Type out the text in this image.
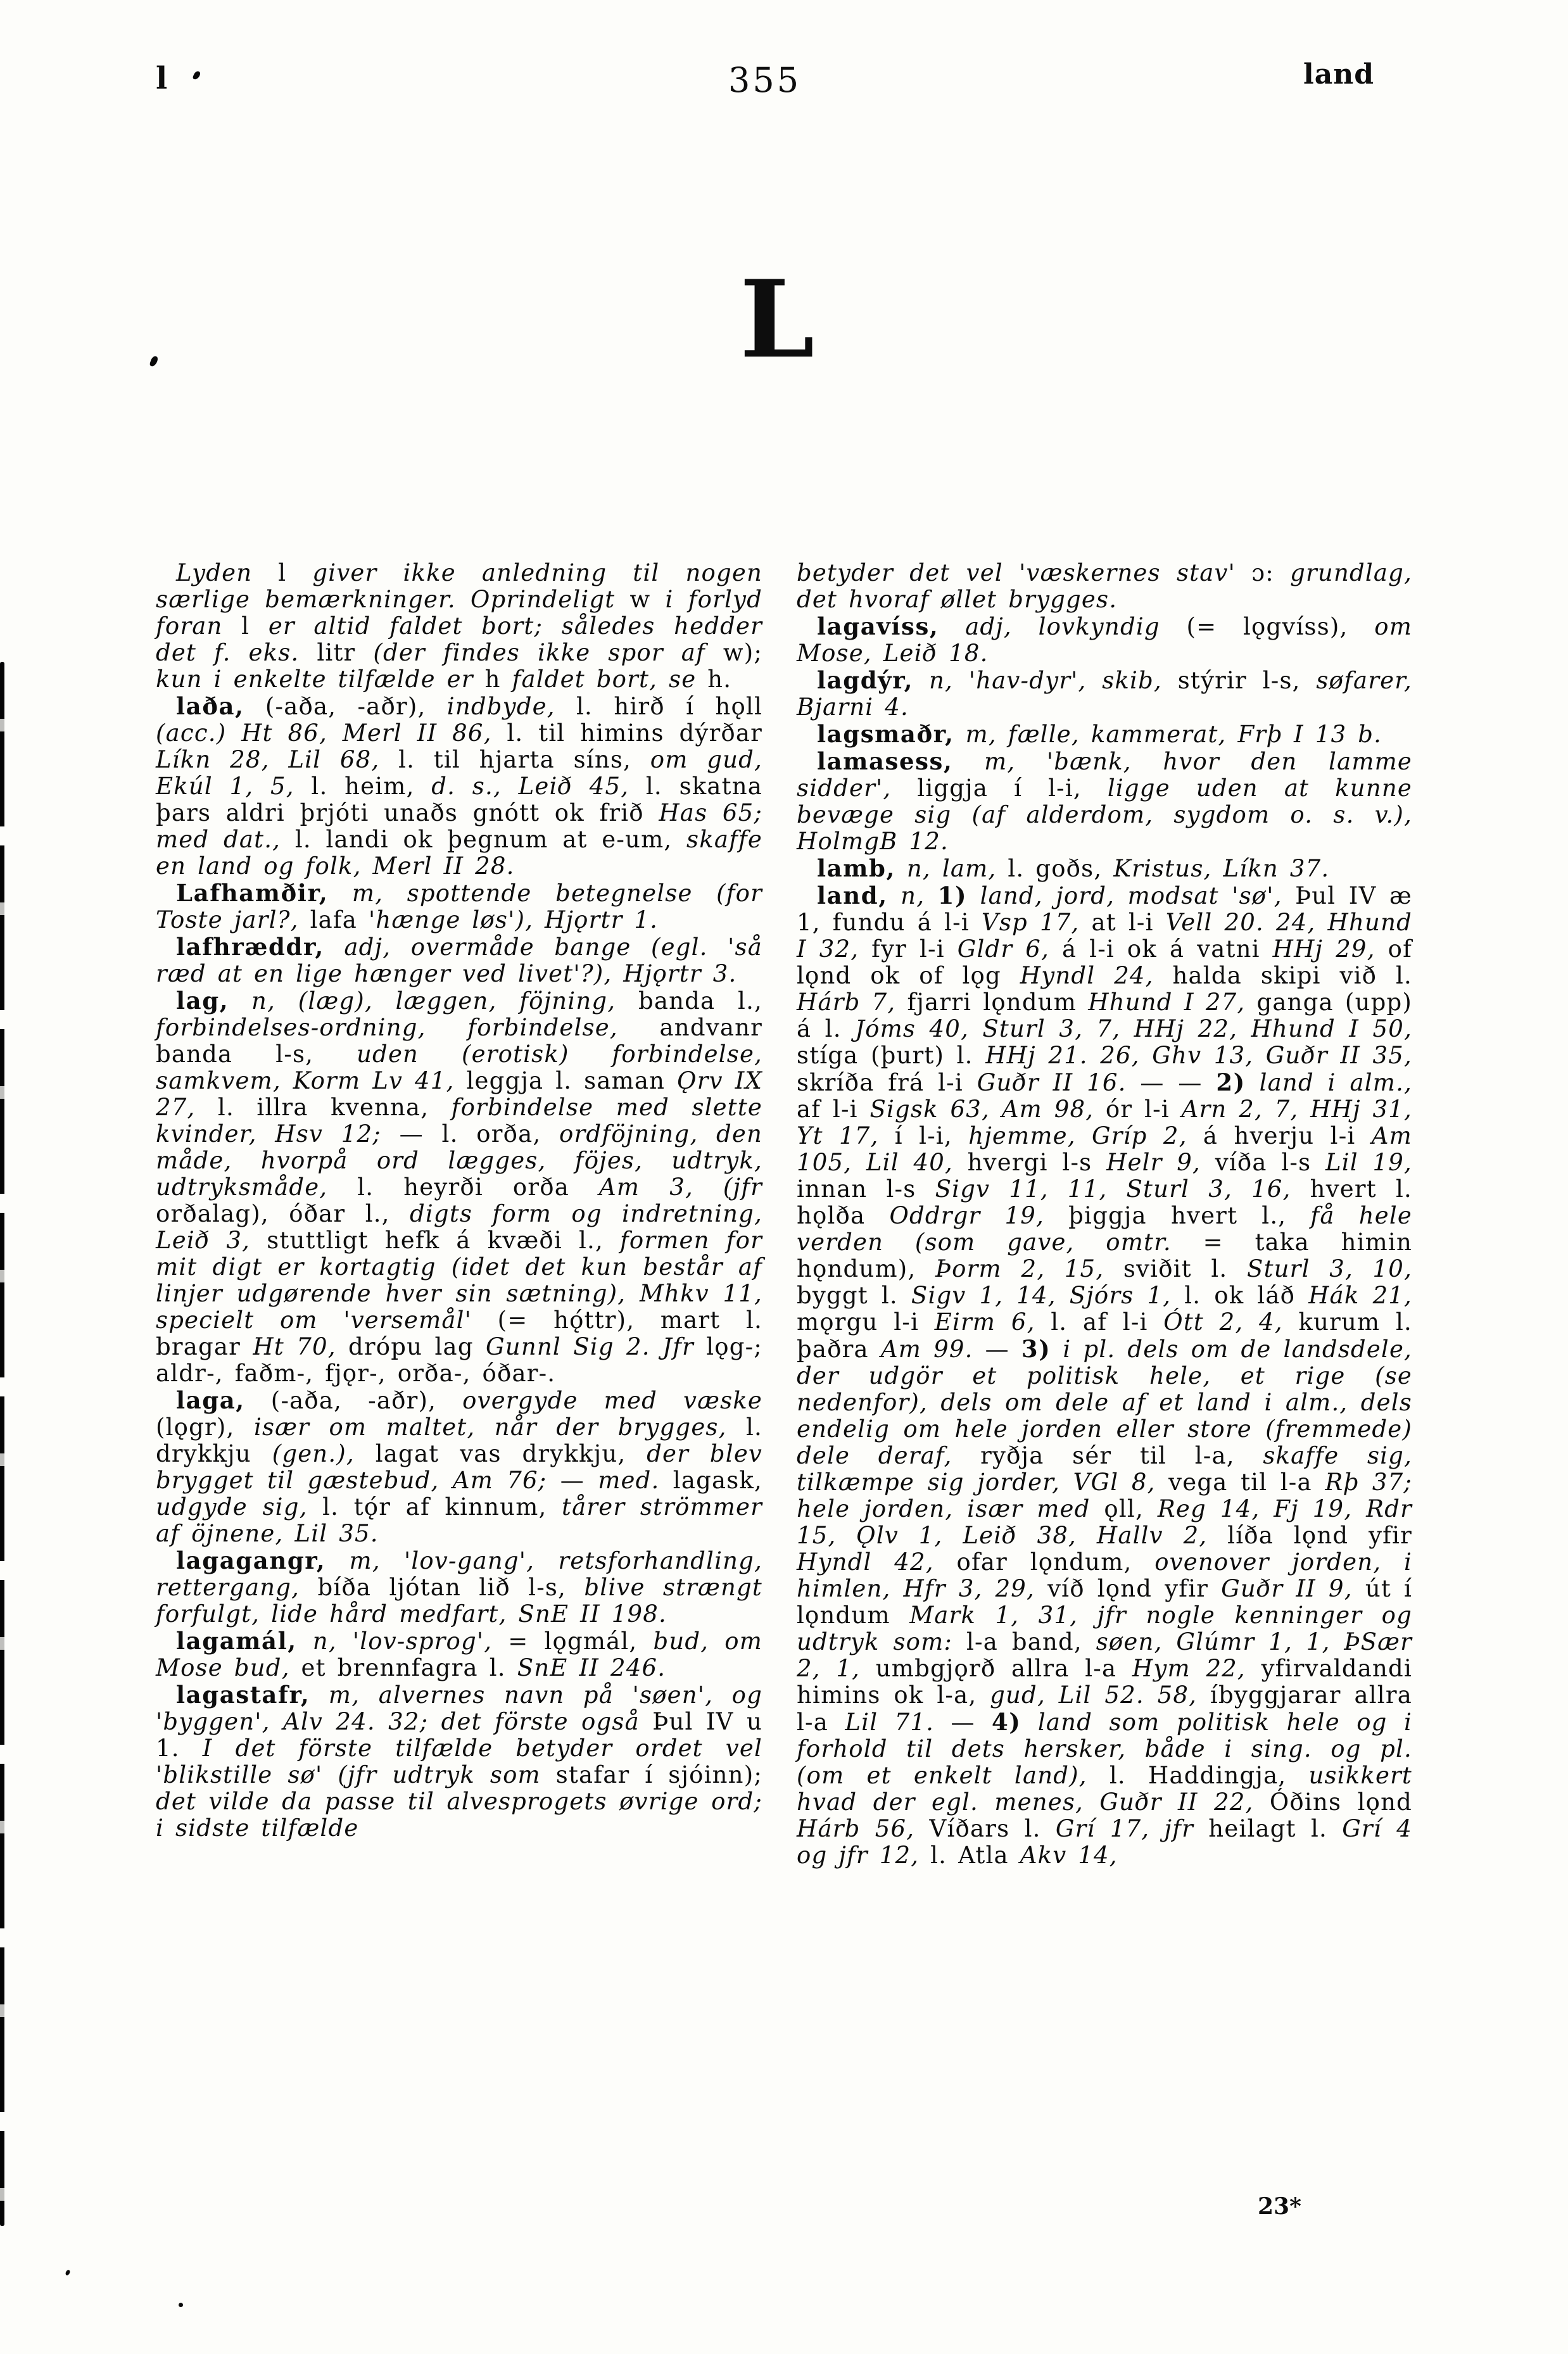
l	355	land
L

Lyden l giver ikke anledning til nogen særlige bemærkninger. Oprindeligt w i forlyd foran l er altid faldet bort; således hedder det f. eks. litr (der findes ikke spor af w); kun i enkelte tilfælde er h faldet bort, se h.

laða, (-aða, -aðr), indbyde, l. hirð í hǫll (acc.) Ht 86, Merl II 86, l. til himins dýrðar Líkn 28, Lil 68, l. til hjarta síns, om gud, Ekúl 1, 5, l. heim, d. s., Leið 45, l. skatna þars aldri þrjóti unaðs gnótt ok frið Has 65; med dat., l. landi ok þegnum at e-um, skaffe en land og folk, Merl II 28.

Lafhamðir, m, spottende betegnelse (for Toste jarl?, lafa 'hænge løs'), Hjǫrtr 1.

lafhræddr, adj, overmåde bange (egl. 'så ræd at en lige hænger ved livet'?), Hjǫrtr 3.

lag, n, (læg), læggen, föjning, banda l., forbindelses-ordning, forbindelse, andvanr banda l-s, uden (erotisk) forbindelse, samkvem, Korm Lv 41, leggja l. saman Ǫrv IX 27, l. illra kvenna, forbindelse med slette kvinder, Hsv 12; — l. orða, ordföjning, den måde, hvorpå ord lægges, föjes, udtryk, udtryksmåde, l. heyrði orða Am 3, (jfr orðalag), óðar l., digts form og indretning, Leið 3, stuttligt hefk á kvæði l., formen for mit digt er kortagtig (idet det kun består af linjer udgørende hver sin sætning), Mhkv 11, specielt om 'versemål' (= hǫ́ttr), mart l. bragar Ht 70, drópu lag Gunnl Sig 2. Jfr lǫg-; aldr-, faðm-, fjǫr-, orða-, óðar-.

laga, (-aða, -aðr), overgyde med væske (lǫgr), især om maltet, når der brygges, l. drykkju (gen.), lagat vas drykkju, der blev brygget til gæstebud, Am 76; — med. lagask, udgyde sig, l. tǫ́r af kinnum, tårer strömmer af öjnene, Lil 35.

lagagangr, m, 'lov-gang', retsforhandling, rettergang, bíða ljótan lið l-s, blive strængt forfulgt, lide hård medfart, SnE II 198.

lagamál, n, 'lov-sprog', = lǫgmál, bud, om Mose bud, et brennfagra l. SnE II 246.

lagastafr, m, alvernes navn på 'søen', og 'byggen', Alv 24. 32; det förste også Þul IV u 1. I det förste tilfælde betyder ordet vel 'blikstille sø' (jfr udtryk som stafar í sjóinn); det vilde da passe til alvesprogets øvrige ord; i sidste tilfælde

betyder det vel 'væskernes stav' ɔ: grundlag, det hvoraf øllet brygges.

lagavíss, adj, lovkyndig (= lǫgvíss), om Mose, Leið 18.

lagdýr, n, 'hav-dyr', skib, stýrir l-s, søfarer, Bjarni 4.

lagsmaðr, m, fælle, kammerat, Frþ I 13 b.

lamasess, m, 'bænk, hvor den lamme sidder', liggja í l-i, ligge uden at kunne bevæge sig (af alderdom, sygdom o. s. v.), HolmgB 12.

lamb, n, lam, l. goðs, Kristus, Líkn 37.

land, n, 1) land, jord, modsat 'sø', Þul IV æ 1, fundu á l-i Vsp 17, at l-i Vell 20. 24, Hhund I 32, fyr l-i Gldr 6, á l-i ok á vatni HHj 29, of lǫnd ok of lǫg Hyndl 24, halda skipi við l. Hárb 7, fjarri lǫndum Hhund I 27, ganga (upp) á l. Jóms 40, Sturl 3, 7, HHj 22, Hhund I 50, stíga (þurt) l. HHj 21. 26, Ghv 13, Guðr II 35, skríða frá l-i Guðr II 16. — — 2) land i alm., af l-i Sigsk 63, Am 98, ór l-i Arn 2, 7, HHj 31, Yt 17, í l-i, hjemme, Gríp 2, á hverju l-i Am 105, Lil 40, hvergi l-s Helr 9, víða l-s Lil 19, innan l-s Sigv 11, 11, Sturl 3, 16, hvert l. hǫlða Oddrgr 19, þiggja hvert l., få hele verden (som gave, omtr. = taka himin hǫndum), Þorm 2, 15, sviðit l. Sturl 3, 10, byggt l. Sigv 1, 14, Sjórs 1, l. ok láð Hák 21, mǫrgu l-i Eirm 6, l. af l-i Ótt 2, 4, kurum l. þaðra Am 99. — 3) i pl. dels om de landsdele, der udgör et politisk hele, et rige (se nedenfor), dels om dele af et land i alm., dels endelig om hele jorden eller store (fremmede) dele deraf, ryðja sér til l-a, skaffe sig, tilkæmpe sig jorder, VGl 8, vega til l-a Rþ 37; hele jorden, især med ǫll, Reg 14, Fj 19, Rdr 15, Ǫlv 1, Leið 38, Hallv 2, líða lǫnd yfir Hyndl 42, ofar lǫndum, ovenover jorden, i himlen, Hfr 3, 29, víð lǫnd yfir Guðr II 9, út í lǫndum Mark 1, 31, jfr nogle kenninger og udtryk som: l-a band, søen, Glúmr 1, 1, ÞSær 2, 1, umbgjǫrð allra l-a Hym 22, yfirvaldandi himins ok l-a, gud, Lil 52. 58, íbyggjarar allra l-a Lil 71. — 4) land som politisk hele og i forhold til dets hersker, både i sing. og pl. (om et enkelt land), l. Haddingja, usikkert hvad der egl. menes, Guðr II 22, Óðins lǫnd Hárb 56, Víðars l. Grí 17, jfr heilagt l. Grí 4 og jfr 12, l. Atla Akv 14,

23*
